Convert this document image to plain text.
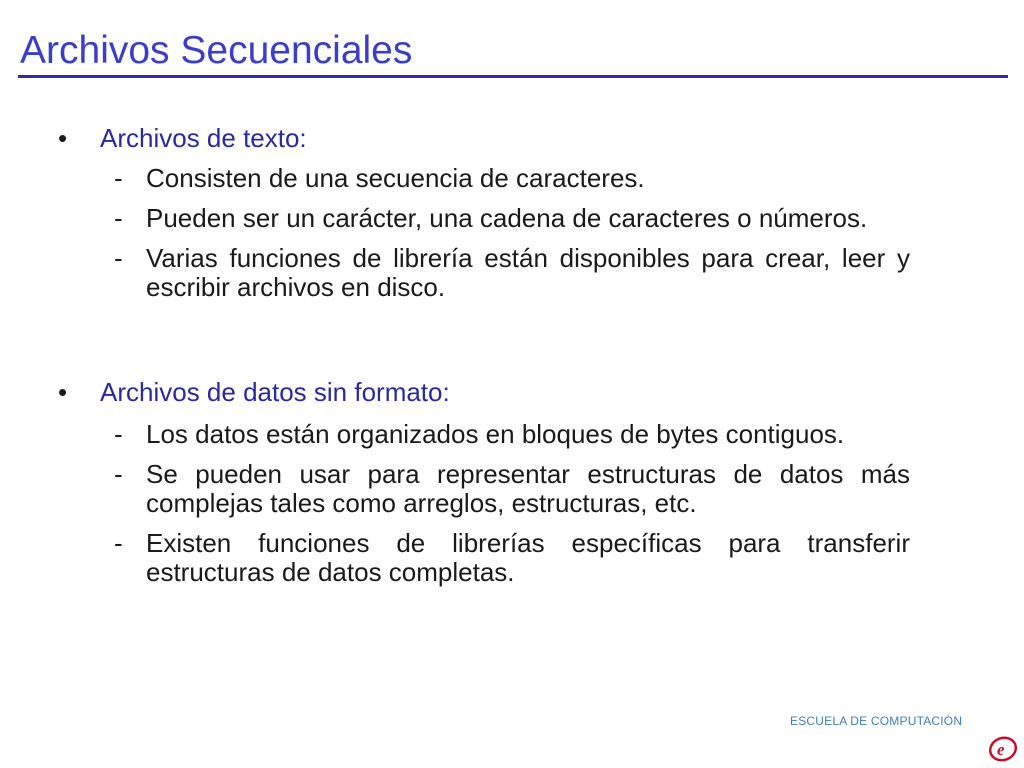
Archivos Secuenciales
• Archivos de texto:
- Consisten de una secuencia de caracteres.
- Pueden ser un carácter, una cadena de caracteres o números.
- Varias funciones de librería están disponibles para crear, leer y escribir archivos en disco.
• Archivos de datos sin formato:
- Los datos están organizados en bloques de bytes contiguos.
- Se pueden usar para representar estructuras de datos más complejas tales como arreglos, estructuras, etc.
- Existen funciones de librerías específicas para transferir estructuras de datos completas.
ESCUELA DE COMPUTACIÓN
e
